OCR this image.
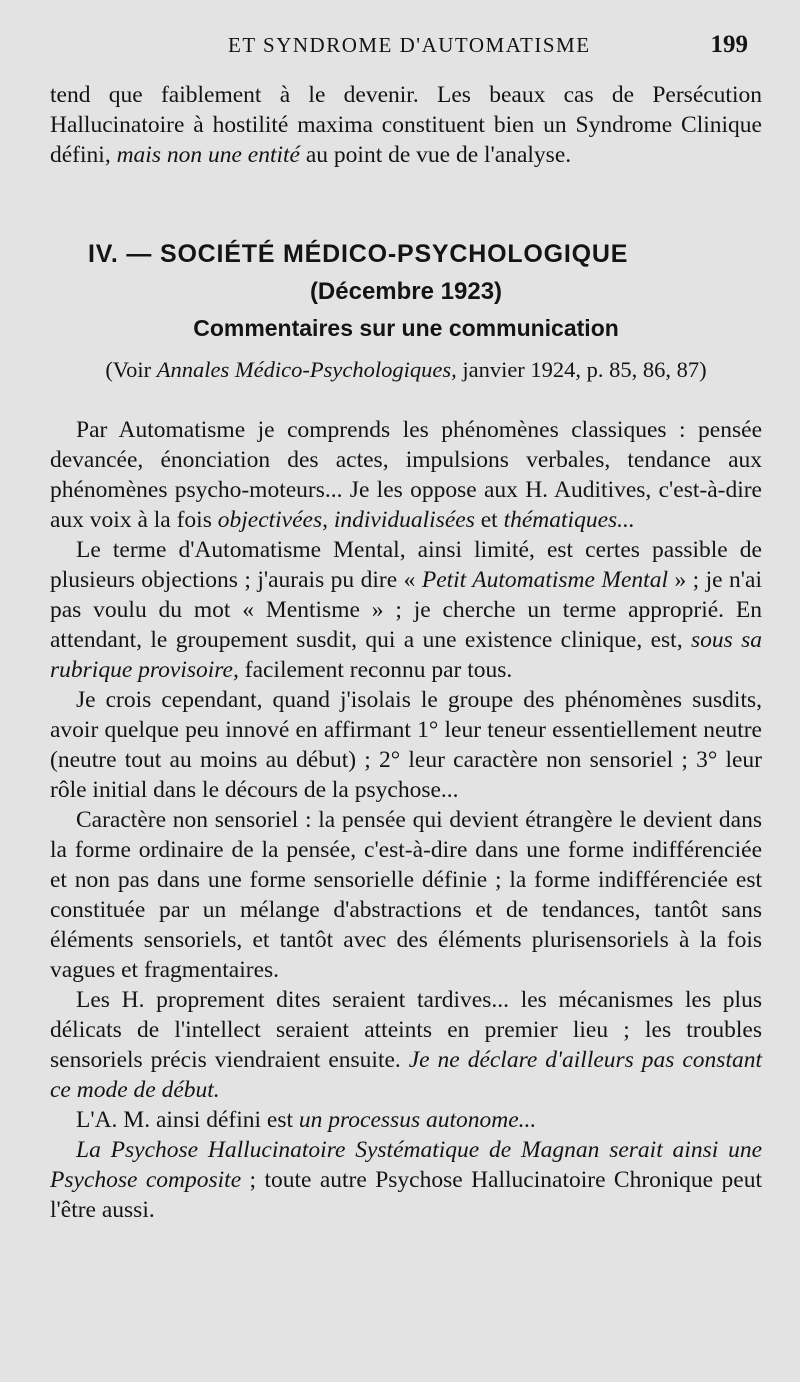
ET SYNDROME D'AUTOMATISME	199

tend que faiblement à le devenir. Les beaux cas de Persécution Hallucinatoire à hostilité maxima constituent bien un Syndrome Clinique défini, mais non une entité au point de vue de l'analyse.

IV. — SOCIÉTÉ MÉDICO-PSYCHOLOGIQUE
(Décembre 1923)
Commentaires sur une communication
(Voir Annales Médico-Psychologiques, janvier 1924, p. 85, 86, 87)

Par Automatisme je comprends les phénomènes classiques : pensée devancée, énonciation des actes, impulsions verbales, tendance aux phénomènes psycho-moteurs... Je les oppose aux H. Auditives, c'est-à-dire aux voix à la fois objectivées, individualisées et thématiques...

Le terme d'Automatisme Mental, ainsi limité, est certes passible de plusieurs objections ; j'aurais pu dire « Petit Automatisme Mental » ; je n'ai pas voulu du mot « Mentisme » ; je cherche un terme approprié. En attendant, le groupement susdit, qui a une existence clinique, est, sous sa rubrique provisoire, facilement reconnu par tous.

Je crois cependant, quand j'isolais le groupe des phénomènes susdits, avoir quelque peu innové en affirmant 1° leur teneur essentiellement neutre (neutre tout au moins au début) ; 2° leur caractère non sensoriel ; 3° leur rôle initial dans le décours de la psychose...

Caractère non sensoriel : la pensée qui devient étrangère le devient dans la forme ordinaire de la pensée, c'est-à-dire dans une forme indifférenciée et non pas dans une forme sensorielle définie ; la forme indifférenciée est constituée par un mélange d'abstractions et de tendances, tantôt sans éléments sensoriels, et tantôt avec des éléments plurisensoriels à la fois vagues et fragmentaires.

Les H. proprement dites seraient tardives... les mécanismes les plus délicats de l'intellect seraient atteints en premier lieu ; les troubles sensoriels précis viendraient ensuite. Je ne déclare d'ailleurs pas constant ce mode de début.

L'A. M. ainsi défini est un processus autonome...

La Psychose Hallucinatoire Systématique de Magnan serait ainsi une Psychose composite ; toute autre Psychose Hallucinatoire Chronique peut l'être aussi.
